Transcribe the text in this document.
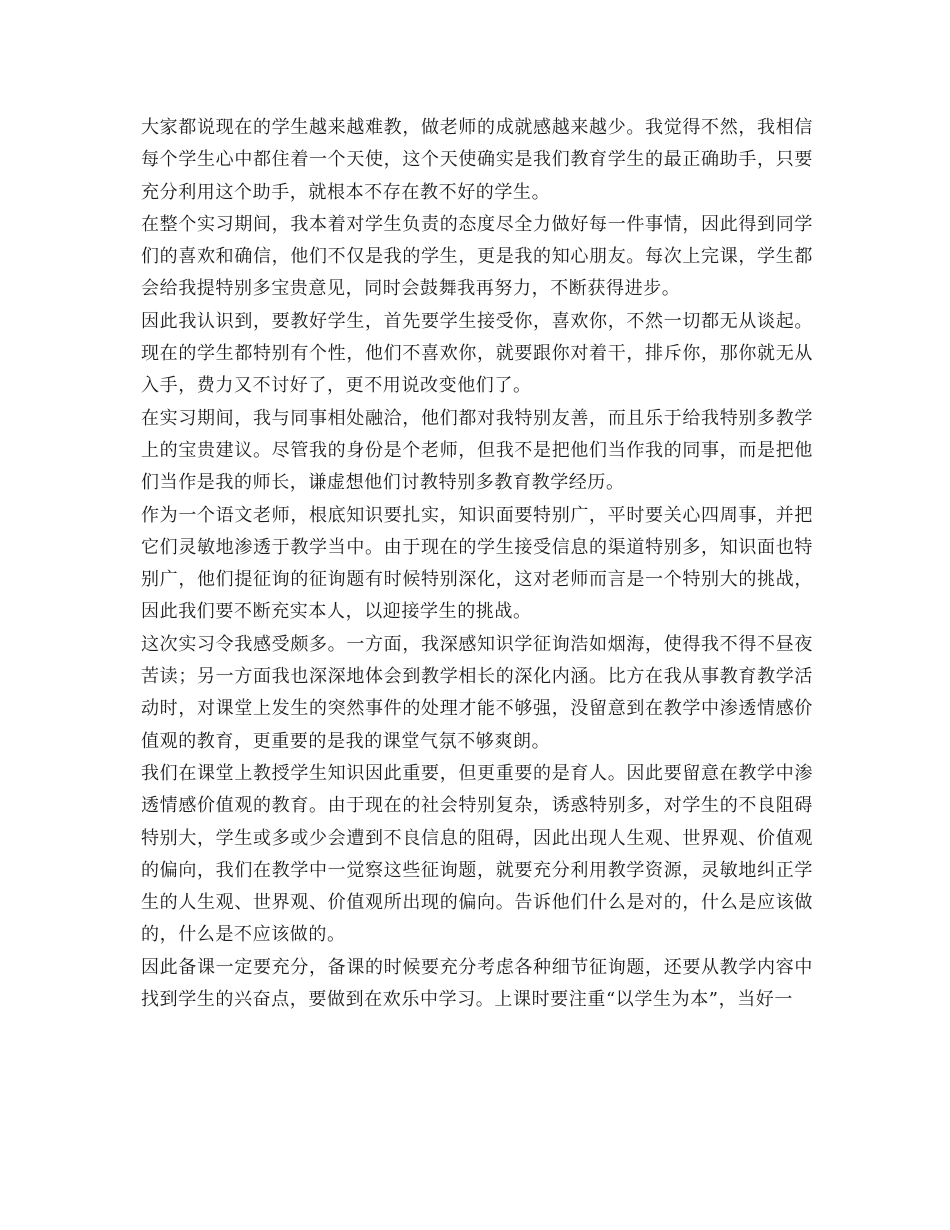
大家都说现在的学生越来越难教，做老师的成就感越来越少。我觉得不然，我相信每个学生心中都住着一个天使，这个天使确实是我们教育学生的最正确助手，只要充分利用这个助手，就根本不存在教不好的学生。

在整个实习期间，我本着对学生负责的态度尽全力做好每一件事情，因此得到同学们的喜欢和确信，他们不仅是我的学生，更是我的知心朋友。每次上完课，学生都会给我提特别多宝贵意见，同时会鼓舞我再努力，不断获得进步。

因此我认识到，要教好学生，首先要学生接受你，喜欢你，不然一切都无从谈起。现在的学生都特别有个性，他们不喜欢你，就要跟你对着干，排斥你，那你就无从入手，费力又不讨好了，更不用说改变他们了。

在实习期间，我与同事相处融洽，他们都对我特别友善，而且乐于给我特别多教学上的宝贵建议。尽管我的身份是个老师，但我不是把他们当作我的同事，而是把他们当作是我的师长，谦虚想他们讨教特别多教育教学经历。

作为一个语文老师，根底知识要扎实，知识面要特别广，平时要关心四周事，并把它们灵敏地渗透于教学当中。由于现在的学生接受信息的渠道特别多，知识面也特别广，他们提征询的征询题有时候特别深化，这对老师而言是一个特别大的挑战，因此我们要不断充实本人，以迎接学生的挑战。

这次实习令我感受颇多。一方面，我深感知识学征询浩如烟海，使得我不得不昼夜苦读；另一方面我也深深地体会到教学相长的深化内涵。比方在我从事教育教学活动时，对课堂上发生的突然事件的处理才能不够强，没留意到在教学中渗透情感价值观的教育，更重要的是我的课堂气氛不够爽朗。

我们在课堂上教授学生知识因此重要，但更重要的是育人。因此要留意在教学中渗透情感价值观的教育。由于现在的社会特别复杂，诱惑特别多，对学生的不良阻碍特别大，学生或多或少会遭到不良信息的阻碍，因此出现人生观、世界观、价值观的偏向，我们在教学中一觉察这些征询题，就要充分利用教学资源，灵敏地纠正学生的人生观、世界观、价值观所出现的偏向。告诉他们什么是对的，什么是应该做的，什么是不应该做的。

因此备课一定要充分，备课的时候要充分考虑各种细节征询题，还要从教学内容中找到学生的兴奋点，要做到在欢乐中学习。上课时要注重“以学生为本”，当好一
